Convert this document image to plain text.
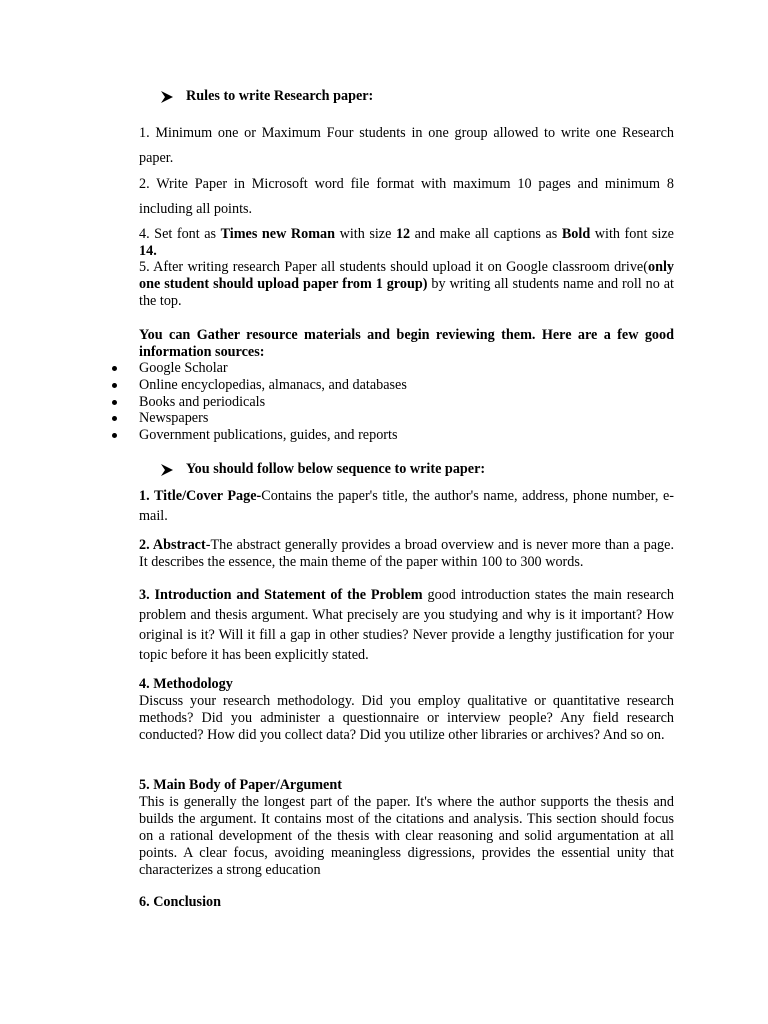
Rules to write Research paper:

1. Minimum one or Maximum Four students in one group allowed to write one Research paper.

2. Write Paper in Microsoft word file format with maximum 10 pages and minimum 8 including all points.

4. Set font as Times new Roman with size 12 and make all captions as Bold with font size 14.

5. After writing research Paper all students should upload it on Google classroom drive(only one student should upload paper from 1 group) by writing all students name and roll no at the top.

You can Gather resource materials and begin reviewing them. Here are a few good information sources:

Google Scholar
Online encyclopedias, almanacs, and databases
Books and periodicals
Newspapers
Government publications, guides, and reports
You should follow below sequence to write paper:

1. Title/Cover Page-Contains the paper's title, the author's name, address, phone number, e-mail.

2. Abstract-The abstract generally provides a broad overview and is never more than a page. It describes the essence, the main theme of the paper within 100 to 300 words.

3. Introduction and Statement of the Problem good introduction states the main research problem and thesis argument. What precisely are you studying and why is it important? How original is it? Will it fill a gap in other studies? Never provide a lengthy justification for your topic before it has been explicitly stated.

4. Methodology
Discuss your research methodology. Did you employ qualitative or quantitative research methods? Did you administer a questionnaire or interview people? Any field research conducted? How did you collect data? Did you utilize other libraries or archives? And so on.

5. Main Body of Paper/Argument
This is generally the longest part of the paper. It's where the author supports the thesis and builds the argument. It contains most of the citations and analysis. This section should focus on a rational development of the thesis with clear reasoning and solid argumentation at all points. A clear focus, avoiding meaningless digressions, provides the essential unity that characterizes a strong education

6. Conclusion
